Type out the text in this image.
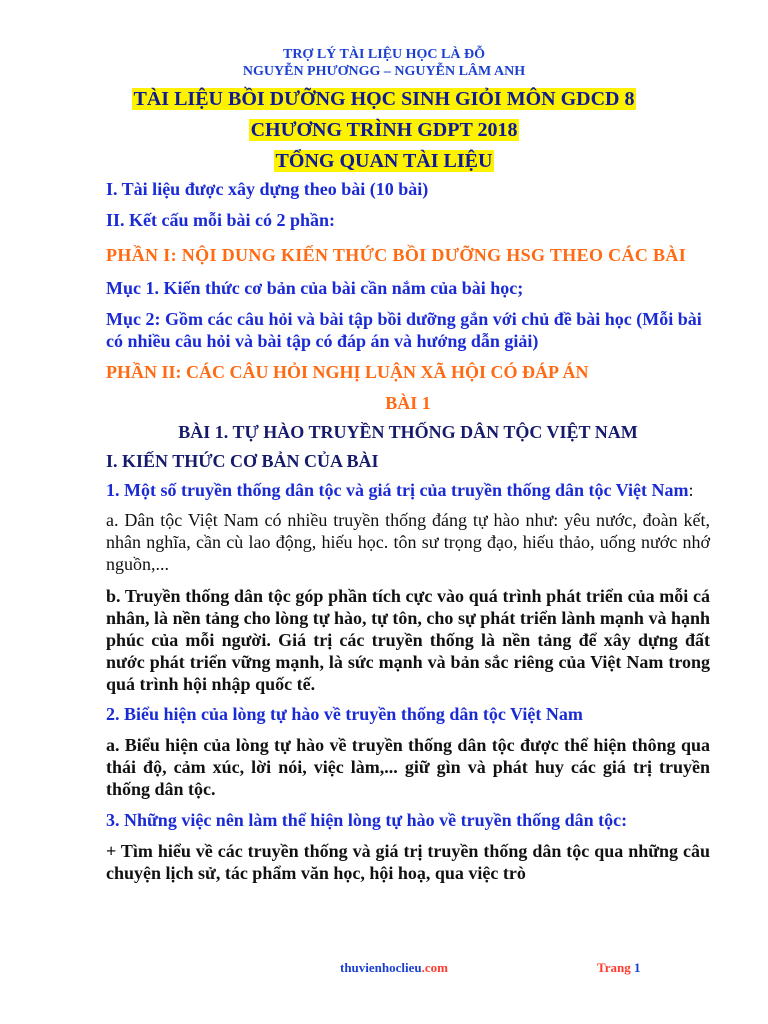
TRỢ LÝ TÀI LIỆU HỌC LÀ ĐỖ
NGUYỄN PHƯƠNGG – NGUYỄN LÂM ANH
TÀI LIỆU BỒI DƯỠNG HỌC SINH GIỎI MÔN GDCD 8
CHƯƠNG TRÌNH GDPT 2018
TỔNG QUAN TÀI LIỆU

I. Tài liệu được xây dựng theo bài (10 bài)

II. Kết cấu mỗi bài có 2 phần:

PHẦN I: NỘI DUNG KIẾN THỨC BỒI DƯỠNG HSG THEO CÁC BÀI

Mục 1. Kiến thức cơ bản của bài cần nắm của bài học;

Mục 2: Gồm các câu hỏi và bài tập bồi dưỡng gắn với chủ đề bài học (Mỗi bài có nhiều câu hỏi và bài tập có đáp án và hướng dẫn giải)

PHẦN II: CÁC CÂU HỎI NGHỊ LUẬN XÃ HỘI CÓ ĐÁP ÁN

BÀI 1

BÀI 1. TỰ HÀO TRUYỀN THỐNG DÂN TỘC VIỆT NAM

I. KIẾN THỨC CƠ BẢN CỦA BÀI

1. Một số truyền thống dân tộc và giá trị của truyền thống dân tộc Việt Nam:

a. Dân tộc Việt Nam có nhiều truyền thống đáng tự hào như: yêu nước, đoàn kết, nhân nghĩa, cần cù lao động, hiếu học. tôn sư trọng đạo, hiếu thảo, uống nước nhớ nguồn,...

b. Truyền thống dân tộc góp phần tích cực vào quá trình phát triển của mỗi cá nhân, là nền tảng cho lòng tự hào, tự tôn, cho sự phát triển lành mạnh và hạnh phúc của mỗi người. Giá trị các truyền thống là nền tảng để xây dựng đất nước phát triển vững mạnh, là sức mạnh và bản sắc riêng của Việt Nam trong quá trình hội nhập quốc tế.

2. Biểu hiện của lòng tự hào về truyền thống dân tộc Việt Nam

a. Biểu hiện của lòng tự hào về truyền thống dân tộc được thể hiện thông qua thái độ, cảm xúc, lời nói, việc làm,... giữ gìn và phát huy các giá trị truyền thống dân tộc.

3. Những việc nên làm thể hiện lòng tự hào về truyền thống dân tộc:

+ Tìm hiểu về các truyền thống và giá trị truyền thống dân tộc qua những câu chuyện lịch sử, tác phẩm văn học, hội hoạ, qua việc trò

thuvienhoclieu.com	Trang 1
